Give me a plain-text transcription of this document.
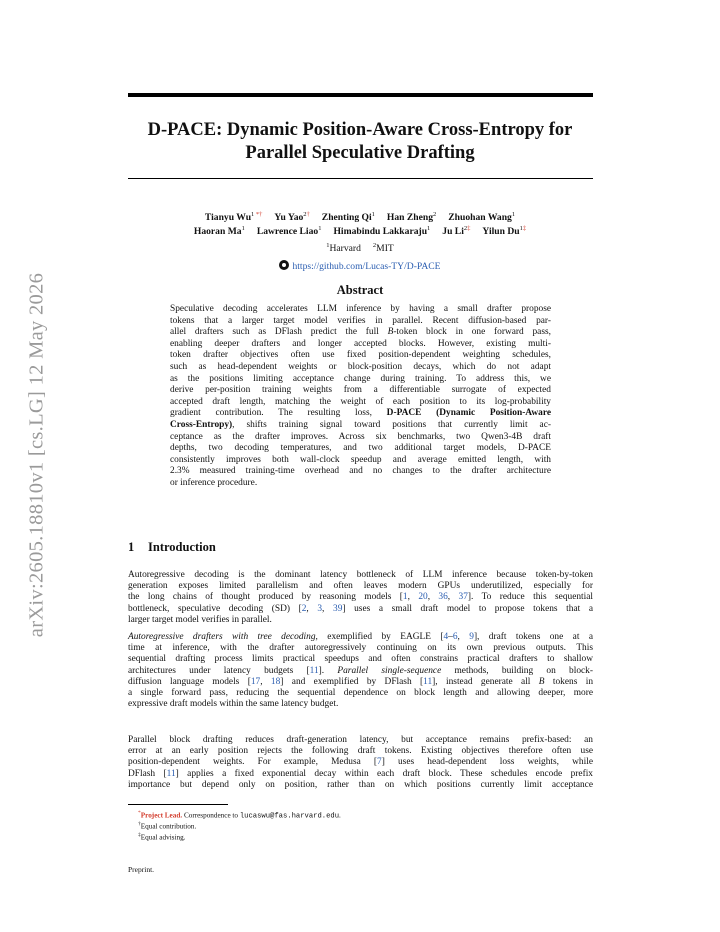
arXiv:2605.18810v1 [cs.LG] 12 May 2026
D-PACE: Dynamic Position-Aware Cross-Entropy for
Parallel Speculative Drafting
Tianyu Wu$^1$ *† Yu Yao$^{2\dagger}$ Zhenting Qi$^1$ Han Zheng$^2$ Zhuohan Wang$^1$
Haoran Ma$^1$ Lawrence Liao$^1$ Himabindu Lakkaraju$^1$ Ju $Li^{2\ddagger}$ Yilun $Du^{1\ddagger}$
$^1$Harvard $^2$MIT
https://github.com/Lucas-TY/D-PACE
Abstract
Speculative decoding accelerates LLM inference by having a small drafter propose
tokens that a larger target model verifies in parallel. Recent diffusion-based par-
allel drafters such as DFlash predict the full B-token block in one forward pass,
enabling deeper drafters and longer accepted blocks. However, existing multi-
token drafter objectives often use fixed position-dependent weighting schedules,
such as head-dependent weights or block-position decays, which do not adapt
as the positions limiting acceptance change during training. To address this, we
derive per-position training weights from a differentiable surrogate of expected
accepted draft length, matching the weight of each position to its log-probability
gradient contribution. The resulting loss, D-PACE (Dynamic Position-Aware
Cross-Entropy), shifts training signal toward positions that currently limit ac-
ceptance as the drafter improves. Across six benchmarks, two Qwen3-4B draft
depths, two decoding temperatures, and two additional target models, D-PACE
consistently improves both wall-clock speedup and average emitted length, with
2.3% measured training-time overhead and no changes to the drafter architecture
or inference procedure.
1 Introduction
Autoregressive decoding is the dominant latency bottleneck of LLM inference because token-by-token
generation exposes limited parallelism and often leaves modern GPUs underutilized, especially for
the long chains of thought produced by reasoning models [1, 20, 36, 37]. To reduce this sequential
bottleneck, speculative decoding (SD) [2, 3, 39] uses a small draft model to propose tokens that a
larger target model verifies in parallel.
Autoregressive drafters with tree decoding, exemplified by EAGLE [4–6, 9], draft tokens one at a
time at inference, with the drafter autoregressively continuing on its own previous outputs. This
sequential drafting process limits practical speedups and often constrains practical drafters to shallow
architectures under latency budgets [11]. Parallel single-sequence methods, building on block-
diffusion language models [17, 18] and exemplified by DFlash [11], instead generate all B tokens in
a single forward pass, reducing the sequential dependence on block length and allowing deeper, more
expressive draft models within the same latency budget.
Parallel block drafting reduces draft-generation latency, but acceptance remains prefix-based: an
error at an early position rejects the following draft tokens. Existing objectives therefore often use
position-dependent weights. For example, Medusa [7] uses head-dependent loss weights, while
DFlash [11] applies a fixed exponential decay within each draft block. These schedules encode prefix
importance but depend only on position, rather than on which positions currently limit acceptance
*Project Lead. Correspondence to lucaswu@fas.harvard.edu.
†Equal contribution.
‡Equal advising.
Preprint.
